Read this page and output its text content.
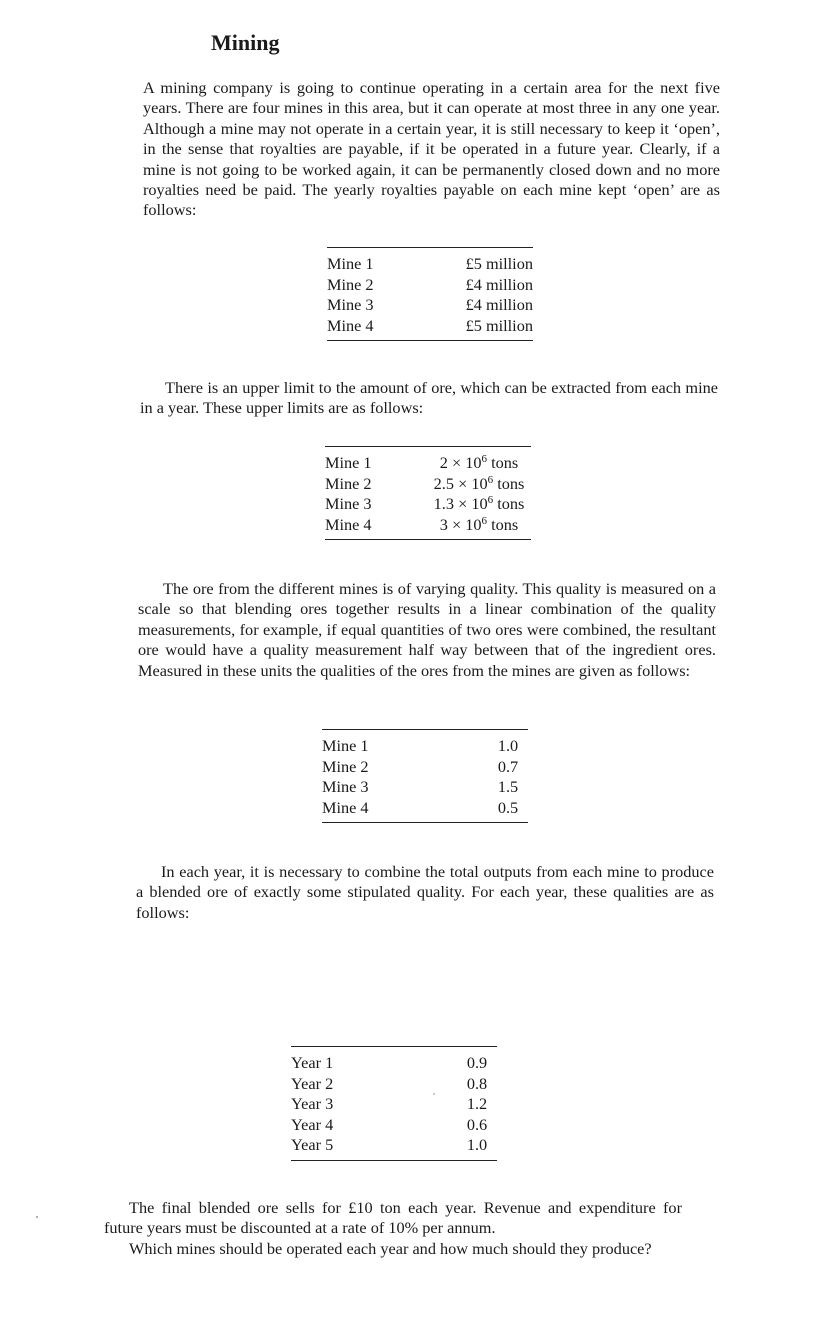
Mining

A mining company is going to continue operating in a certain area for the next five years. There are four mines in this area, but it can operate at most three in any one year. Although a mine may not operate in a certain year, it is still necessary to keep it ‘open’, in the sense that royalties are payable, if it be operated in a future year. Clearly, if a mine is not going to be worked again, it can be permanently closed down and no more royalties need be paid. The yearly royalties payable on each mine kept ‘open’ are as follows:

Mine 1	£5 million
Mine 2	£4 million
Mine 3	£4 million
Mine 4	£5 million

There is an upper limit to the amount of ore, which can be extracted from each mine in a year. These upper limits are as follows:

Mine 1	$2 \times 10^6$ tons
Mine 2	$2.5 \times 10^6$ tons
Mine 3	$1.3 \times 10^6$ tons
Mine 4	$3 \times 10^6$ tons

The ore from the different mines is of varying quality. This quality is measured on a scale so that blending ores together results in a linear combination of the quality measurements, for example, if equal quantities of two ores were combined, the resultant ore would have a quality measurement half way between that of the ingredient ores. Measured in these units the qualities of the ores from the mines are given as follows:

Mine 1	1.0
Mine 2	0.7
Mine 3	1.5
Mine 4	0.5

In each year, it is necessary to combine the total outputs from each mine to produce a blended ore of exactly some stipulated quality. For each year, these qualities are as follows:

Year 1	0.9
Year 2	0.8
Year 3	1.2
Year 4	0.6
Year 5	1.0

The final blended ore sells for £10 ton each year. Revenue and expenditure for future years must be discounted at a rate of 10% per annum.

Which mines should be operated each year and how much should they produce?
